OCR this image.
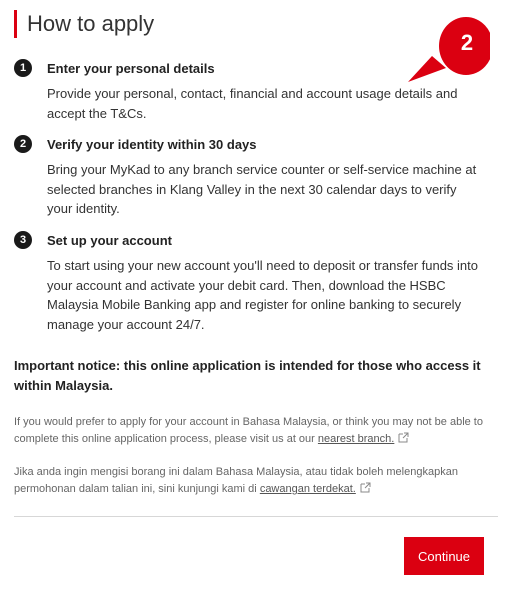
How to apply
2
1	Enter your personal details
Provide your personal, contact, financial and account usage details and accept the T&Cs.
2	Verify your identity within 30 days
Bring your MyKad to any branch service counter or self-service machine at selected branches in Klang Valley in the next 30 calendar days to verify your identity.
3	Set up your account
To start using your new account you'll need to deposit or transfer funds into your account and activate your debit card. Then, download the HSBC Malaysia Mobile Banking app and register for online banking to securely manage your account 24/7.
Important notice: this online application is intended for those who access it within Malaysia.
If you would prefer to apply for your account in Bahasa Malaysia, or think you may not be able to complete this online application process, please visit us at our nearest branch.
Jika anda ingin mengisi borang ini dalam Bahasa Malaysia, atau tidak boleh melengkapkan permohonan dalam talian ini, sini kunjungi kami di cawangan terdekat.
Continue
